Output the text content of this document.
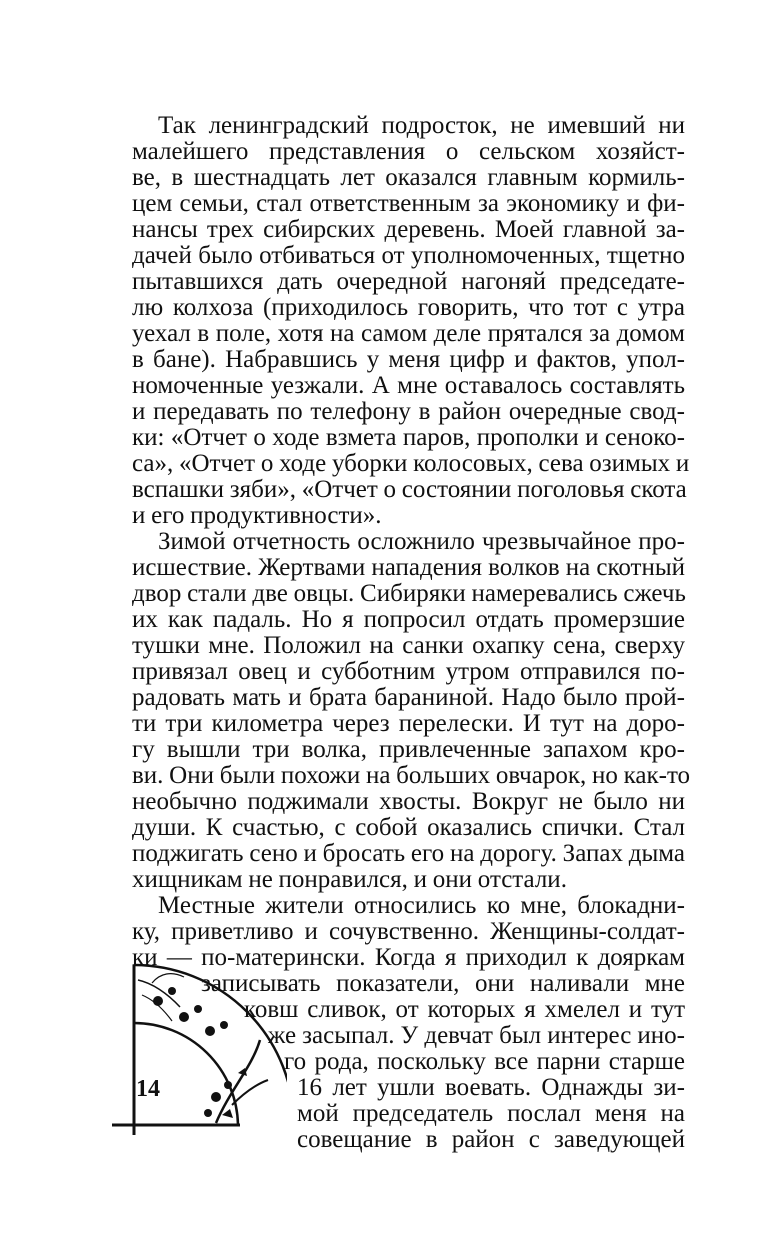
Так ленинградский подросток, не имевший ни
малейшего представления о сельском хозяйст-
ве, в шестнадцать лет оказался главным кормиль-
цем семьи, стал ответственным за экономику и фи-
нансы трех сибирских деревень. Моей главной за-
дачей было отбиваться от уполномоченных, тщетно
пытавшихся дать очередной нагоняй председате-
лю колхоза (приходилось говорить, что тот с утра
уехал в поле, хотя на самом деле прятался за домом
в бане). Набравшись у меня цифр и фактов, упол-
номоченные уезжали. А мне оставалось составлять
и передавать по телефону в район очередные свод-
ки: «Отчет о ходе взмета паров, прополки и сеноко-
са», «Отчет о ходе уборки колосовых, сева озимых и
вспашки зяби», «Отчет о состоянии поголовья скота
и его продуктивности».
Зимой отчетность осложнило чрезвычайное про-
исшествие. Жертвами нападения волков на скотный
двор стали две овцы. Сибиряки намеревались сжечь
их как падаль. Но я попросил отдать промерзшие
тушки мне. Положил на санки охапку сена, сверху
привязал овец и субботним утром отправился по-
радовать мать и брата бараниной. Надо было прой-
ти три километра через перелески. И тут на доро-
гу вышли три волка, привлеченные запахом кро-
ви. Они были похожи на больших овчарок, но как-то
необычно поджимали хвосты. Вокруг не было ни
души. К счастью, с собой оказались спички. Стал
поджигать сено и бросать его на дорогу. Запах дыма
хищникам не понравился, и они отстали.
Местные жители относились ко мне, блокадни-
ку, приветливо и сочувственно. Женщины-солдат-
ки — по-матерински. Когда я приходил к дояркам
записывать показатели, они наливали мне
ковш сливок, от которых я хмелел и тут
же засыпал. У девчат был интерес ино-
го рода, поскольку все парни старше
16 лет ушли воевать. Однажды зи-
мой председатель послал меня на
совещание в район с заведующей
14
